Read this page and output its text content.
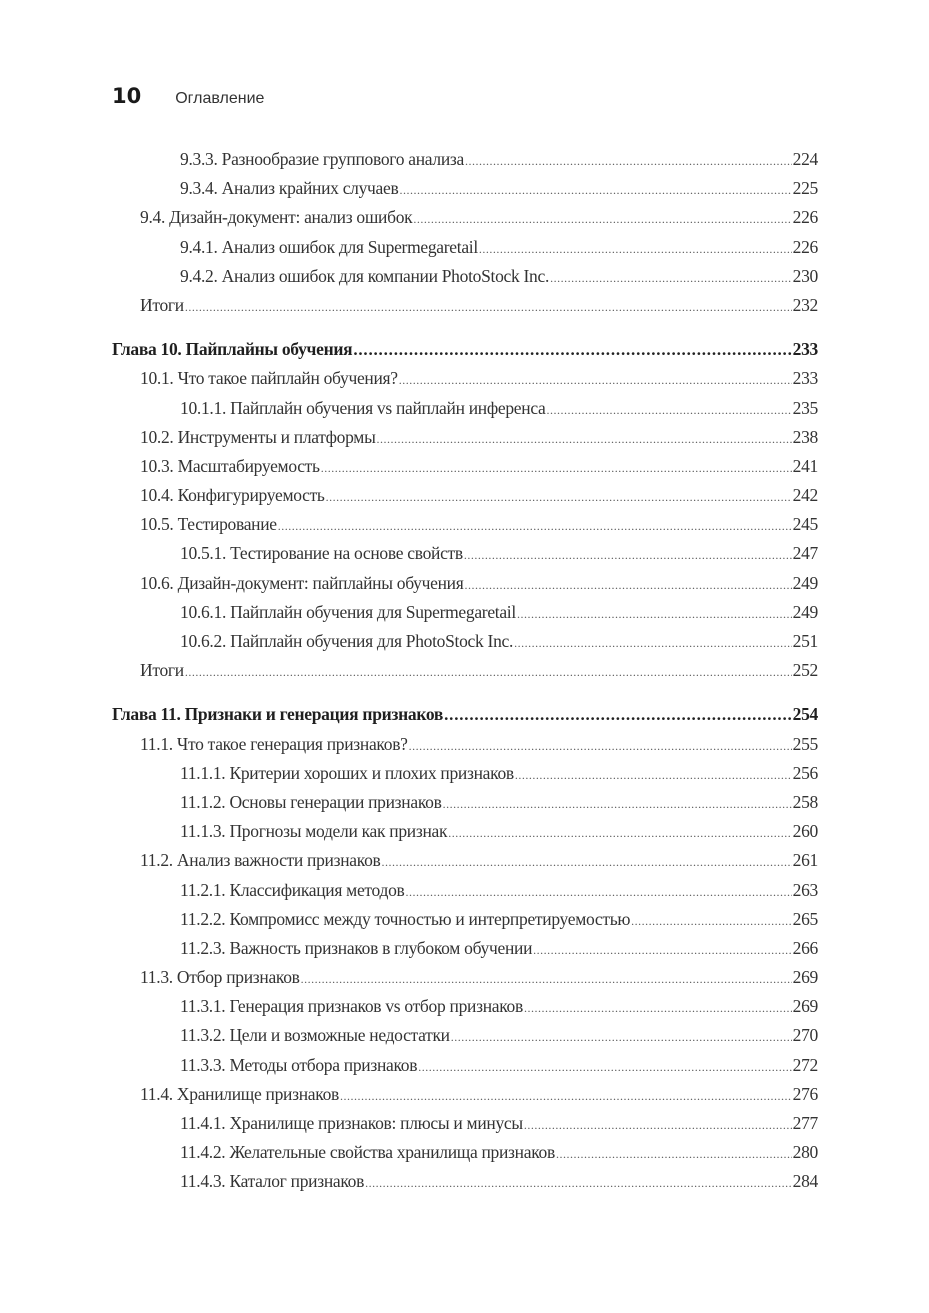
10 Оглавление
9.3.3. Разнообразие группового анализа .....	224
9.3.4. Анализ крайних случаев .....	225
9.4. Дизайн-документ: анализ ошибок .....	226
9.4.1. Анализ ошибок для Supermegaretail .....	226
9.4.2. Анализ ошибок для компании PhotoStock Inc. .....	230
Итоги .....	232
Глава 10. Пайплайны обучения .....	233
10.1. Что такое пайплайн обучения? .....	233
10.1.1. Пайплайн обучения vs пайплайн инференса .....	235
10.2. Инструменты и платформы .....	238
10.3. Масштабируемость .....	241
10.4. Конфигурируемость .....	242
10.5. Тестирование .....	245
10.5.1. Тестирование на основе свойств .....	247
10.6. Дизайн-документ: пайплайны обучения .....	249
10.6.1. Пайплайн обучения для Supermegaretail .....	249
10.6.2. Пайплайн обучения для PhotoStock Inc. .....	251
Итоги .....	252
Глава 11. Признаки и генерация признаков .....	254
11.1. Что такое генерация признаков? .....	255
11.1.1. Критерии хороших и плохих признаков .....	256
11.1.2. Основы генерации признаков .....	258
11.1.3. Прогнозы модели как признак .....	260
11.2. Анализ важности признаков .....	261
11.2.1. Классификация методов .....	263
11.2.2. Компромисс между точностью и интерпретируемостью .....	265
11.2.3. Важность признаков в глубоком обучении .....	266
11.3. Отбор признаков .....	269
11.3.1. Генерация признаков vs отбор признаков .....	269
11.3.2. Цели и возможные недостатки .....	270
11.3.3. Методы отбора признаков .....	272
11.4. Хранилище признаков .....	276
11.4.1. Хранилище признаков: плюсы и минусы .....	277
11.4.2. Желательные свойства хранилища признаков .....	280
11.4.3. Каталог признаков .....	284
